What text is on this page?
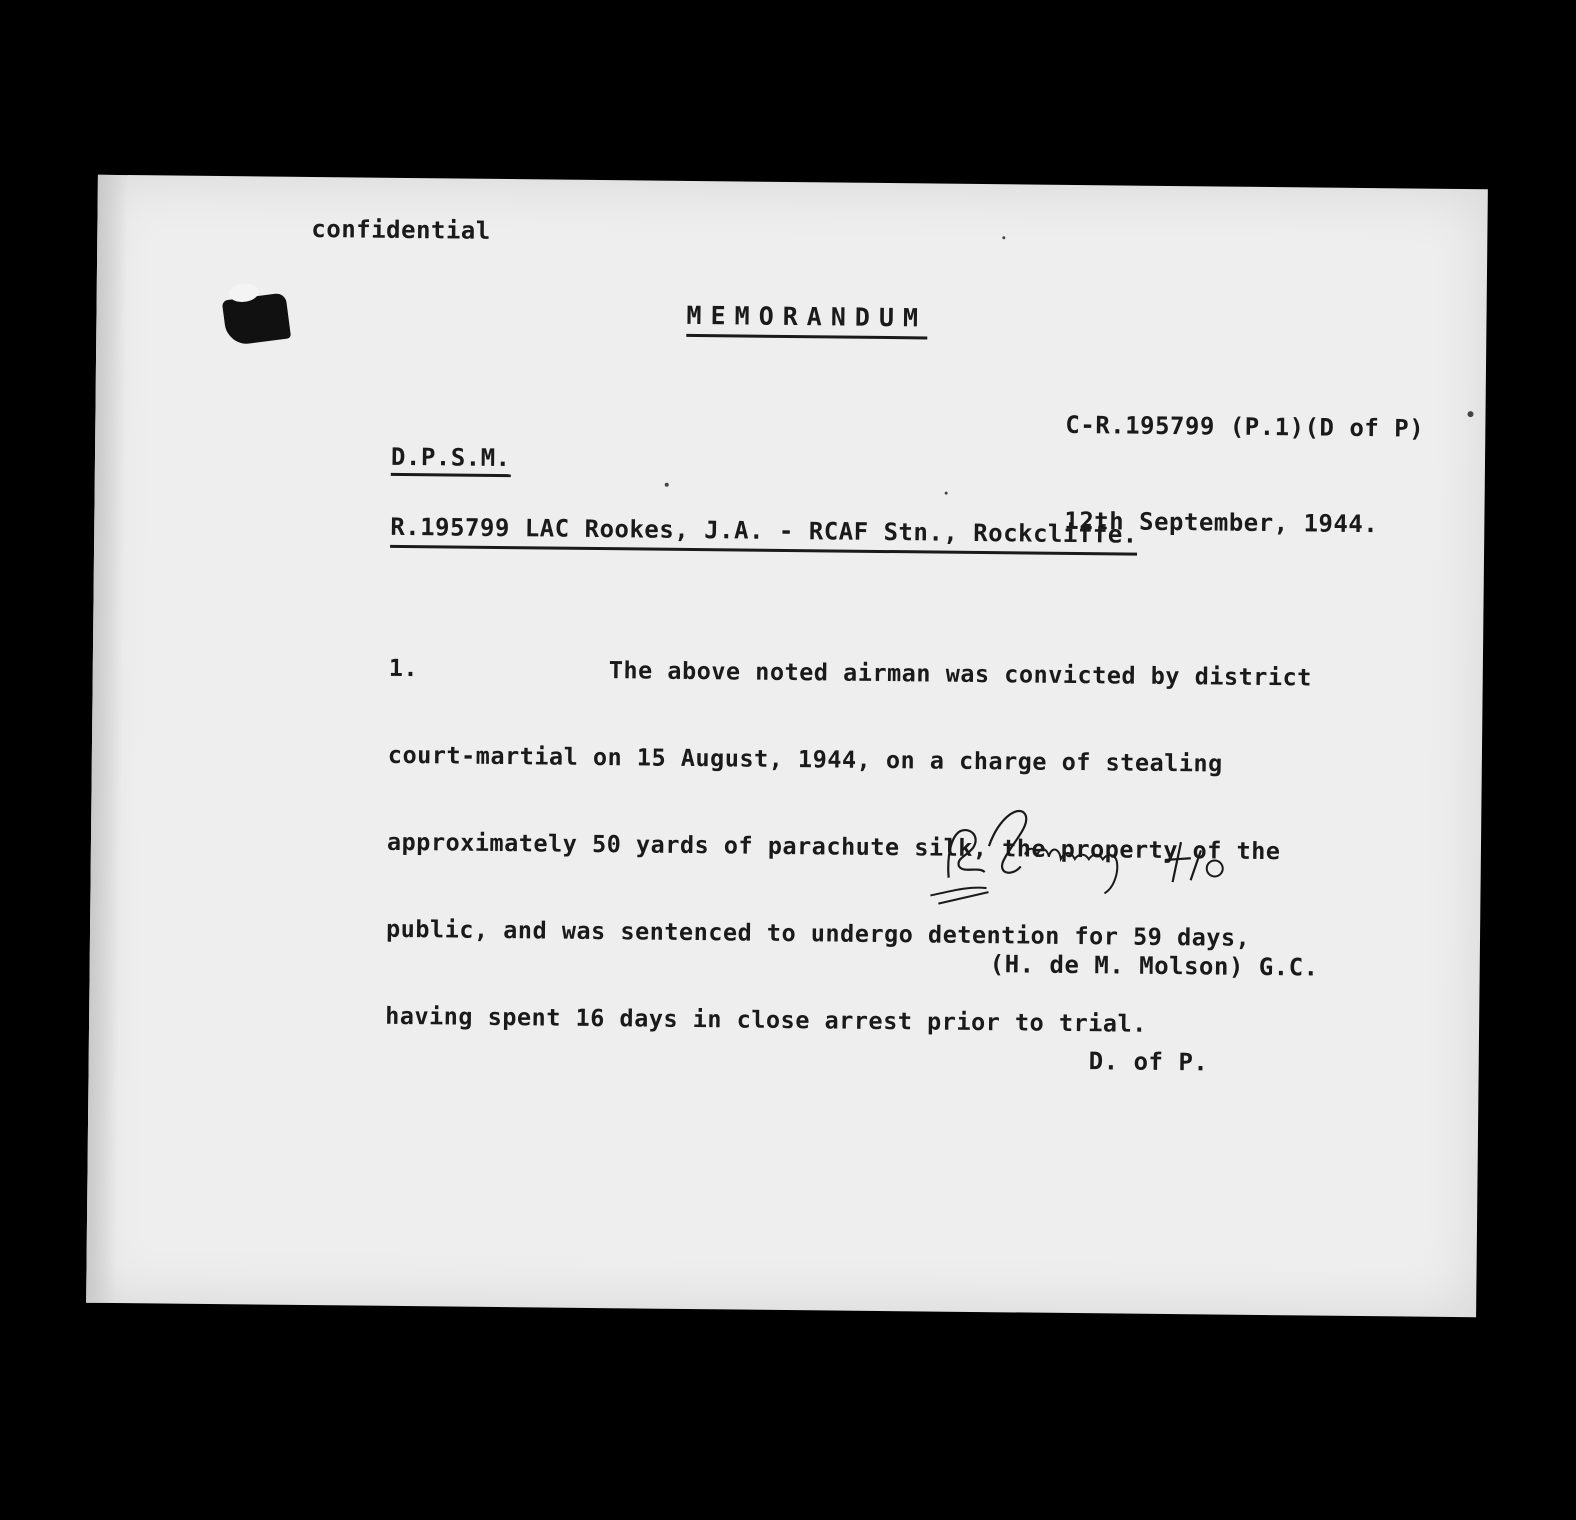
confidential
MEMORANDUM

C-R.195799 (P.1)(D of P)

12th September, 1944.

D.P.S.M.
R.195799 LAC Rookes, J.A. - RCAF Stn., Rockcliffe.

1.	The above noted airman was convicted by district

court-martial on 15 August, 1944, on a charge of stealing

approximately 50 yards of parachute silk, the property of the

public, and was sentenced to undergo detention for 59 days,

having spent 16 days in close arrest prior to trial.

(H. de M. Molson) G.C.

D. of P.
